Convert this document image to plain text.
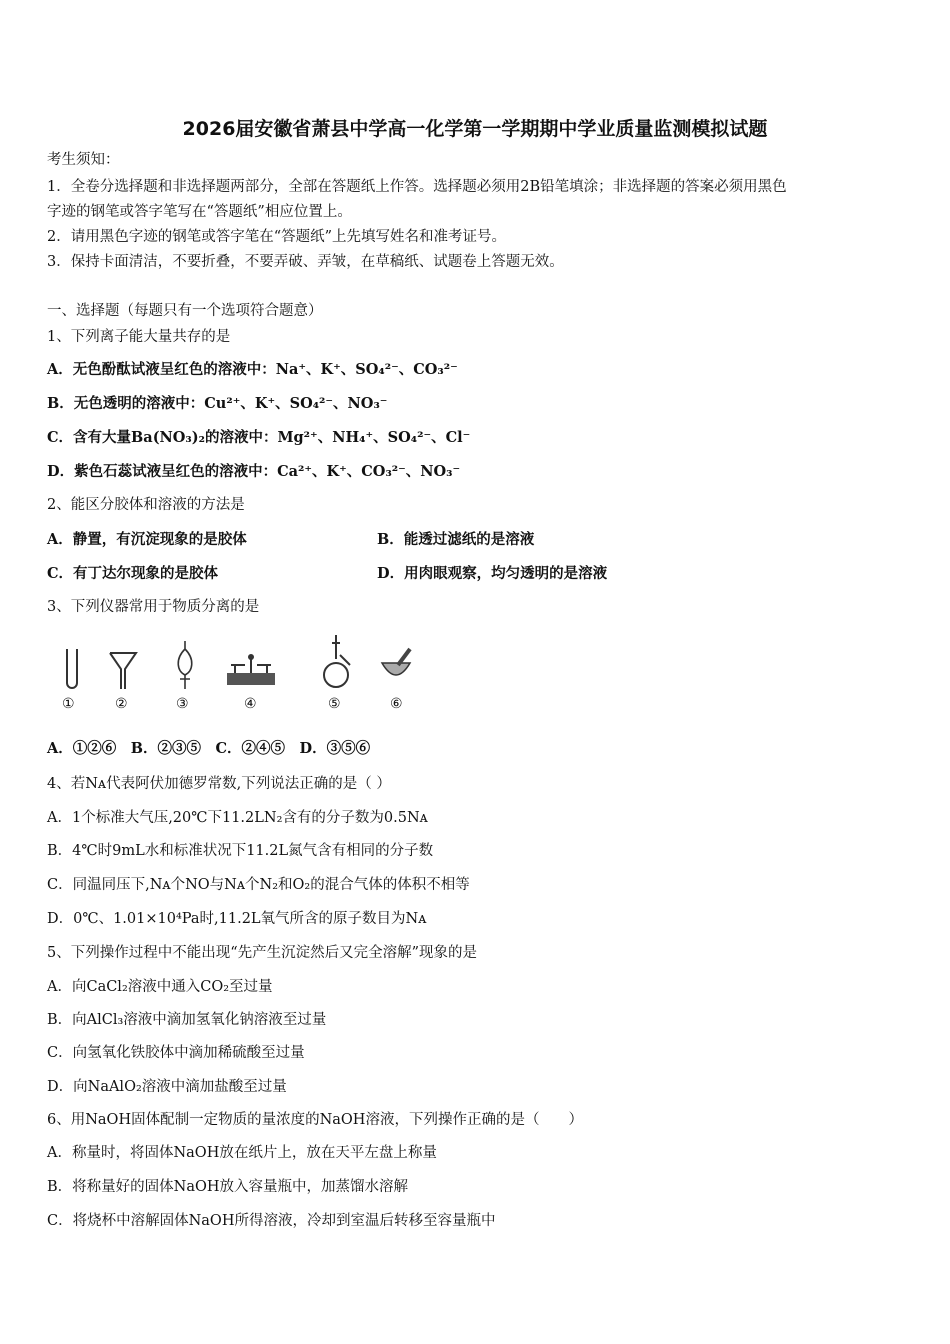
2026届安徽省萧县中学高一化学第一学期期中学业质量监测模拟试题
考生须知：
1．全卷分选择题和非选择题两部分，全部在答题纸上作答。选择题必须用2B铅笔填涂；非选择题的答案必须用黑色
字迹的钢笔或答字笔写在“答题纸”相应位置上。
2．请用黑色字迹的钢笔或答字笔在“答题纸”上先填写姓名和准考证号。
3．保持卡面清洁，不要折叠，不要弄破、弄皱，在草稿纸、试题卷上答题无效。
一、选择题（每题只有一个选项符合题意）
1、下列离子能大量共存的是
A．无色酚酞试液呈红色的溶液中：Na⁺、K⁺、SO₄²⁻、CO₃²⁻
B．无色透明的溶液中：Cu²⁺、K⁺、SO₄²⁻、NO₃⁻
C．含有大量Ba(NO₃)₂的溶液中：Mg²⁺、NH₄⁺、SO₄²⁻、Cl⁻
D．紫色石蕊试液呈红色的溶液中：Ca²⁺、K⁺、CO₃²⁻、NO₃⁻
2、能区分胶体和溶液的方法是
A．静置，有沉淀现象的是胶体	B．能透过滤纸的是溶液
C．有丁达尔现象的是胶体	D．用肉眼观察，均匀透明的是溶液
3、下列仪器常用于物质分离的是
①	②	③	④	⑤	⑥
A．①②⑥　B．②③⑤　C．②④⑤　D．③⑤⑥
4、若Nᴀ代表阿伏加德罗常数,下列说法正确的是（ ）
A．1个标准大气压,20℃下11.2LN₂含有的分子数为0.5Nᴀ
B．4℃时9mL水和标准状况下11.2L氮气含有相同的分子数
C．同温同压下,Nᴀ个NO与Nᴀ个N₂和O₂的混合气体的体积不相等
D．0℃、1.01×10⁴Pa时,11.2L氧气所含的原子数目为Nᴀ
5、下列操作过程中不能出现“先产生沉淀然后又完全溶解”现象的是
A．向CaCl₂溶液中通入CO₂至过量
B．向AlCl₃溶液中滴加氢氧化钠溶液至过量
C．向氢氧化铁胶体中滴加稀硫酸至过量
D．向NaAlO₂溶液中滴加盐酸至过量
6、用NaOH固体配制一定物质的量浓度的NaOH溶液，下列操作正确的是（　　）
A．称量时，将固体NaOH放在纸片上，放在天平左盘上称量
B．将称量好的固体NaOH放入容量瓶中，加蒸馏水溶解
C．将烧杯中溶解固体NaOH所得溶液，冷却到室温后转移至容量瓶中
